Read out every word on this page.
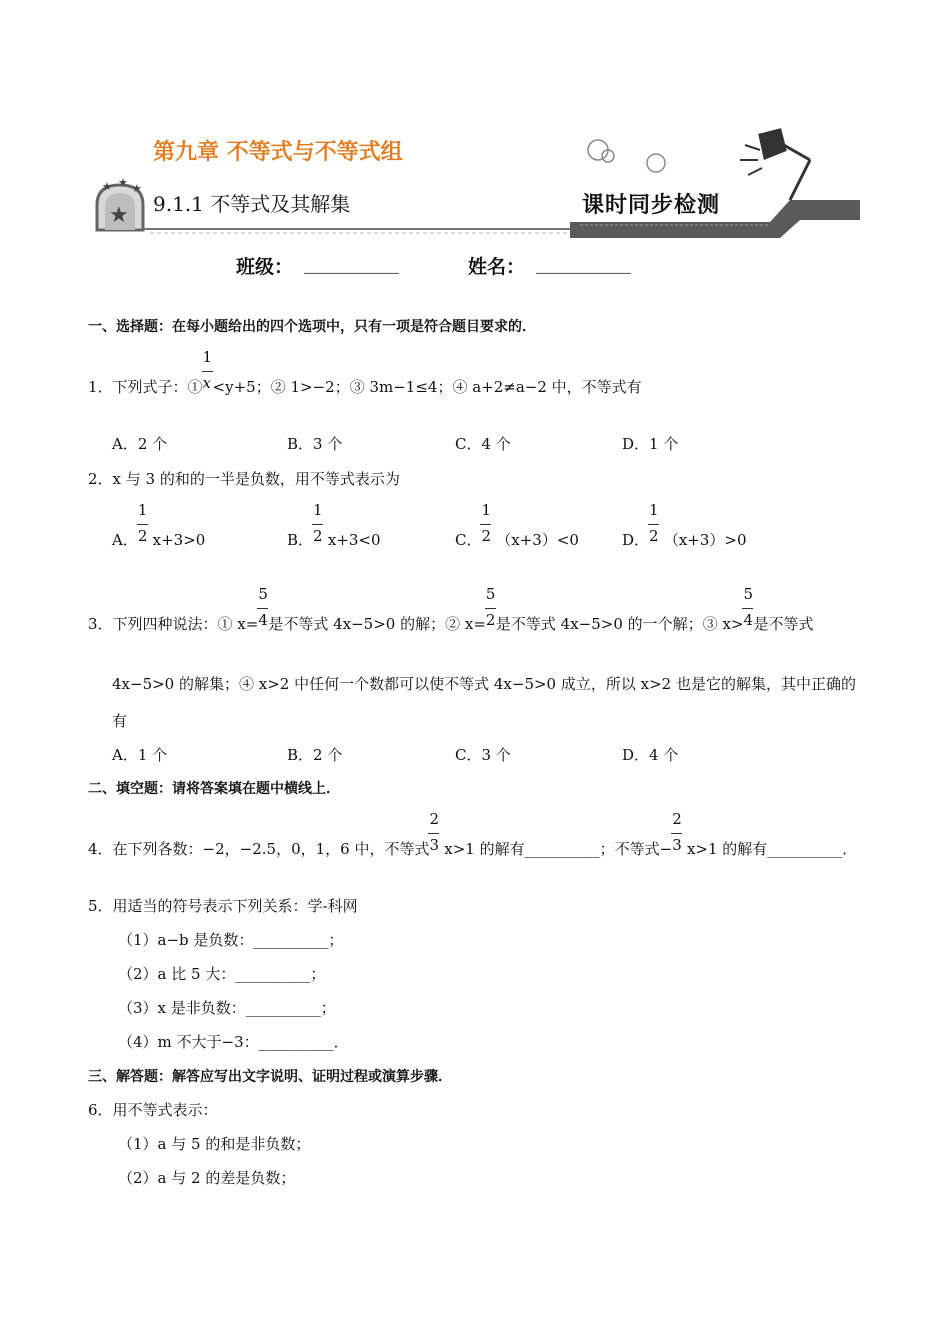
★
★ ★ ★
第九章 不等式与不等式组
9.1.1 不等式及其解集	课时同步检测
班级： __________	姓名： __________
一、选择题：在每小题给出的四个选项中，只有一项是符合题目要求的．
1．下列式子：① $\frac{1}{x} <y+5$；② 1>−2；③ 3m−1≤4；④ a+2≠a−2 中，不等式有
A．2 个	B．3 个	C．4 个	D．1 个
2．x 与 3 的和的一半是负数，用不等式表示为
A． $\frac{1}{2} x+3>0$	B． $\frac{1}{2} x+3<0$	C． $\frac{1}{2} (x+3)<0$	D． $\frac{1}{2} (x+3)>0$
3．下列四种说法：① $x= \frac{5}{4}$ 是不等式 4x−5>0 的解；② $x= \frac{5}{2}$ 是不等式 4x−5>0 的一个解；③ $x> \frac{5}{4}$ 是不等式
4x−5>0 的解集；④ x>2 中任何一个数都可以使不等式 4x−5>0 成立，所以 x>2 也是它的解集，其中正确的
有
A．1 个	B．2 个	C．3 个	D．4 个
二、填空题：请将答案填在题中横线上．
4．在下列各数：−2，−2.5，0，1，6 中，不等式 $\frac{2}{3} x>1$ 的解有__________；不等式− $\frac{2}{3} x>1$ 的解有__________．
5．用适当的符号表示下列关系：学-科网
（1）a−b 是负数：__________；
（2）a 比 5 大：__________；
（3）x 是非负数：__________；
（4）m 不大于−3：__________．
三、解答题：解答应写出文字说明、证明过程或演算步骤．
6．用不等式表示：
（1）a 与 5 的和是非负数；
（2）a 与 2 的差是负数；
